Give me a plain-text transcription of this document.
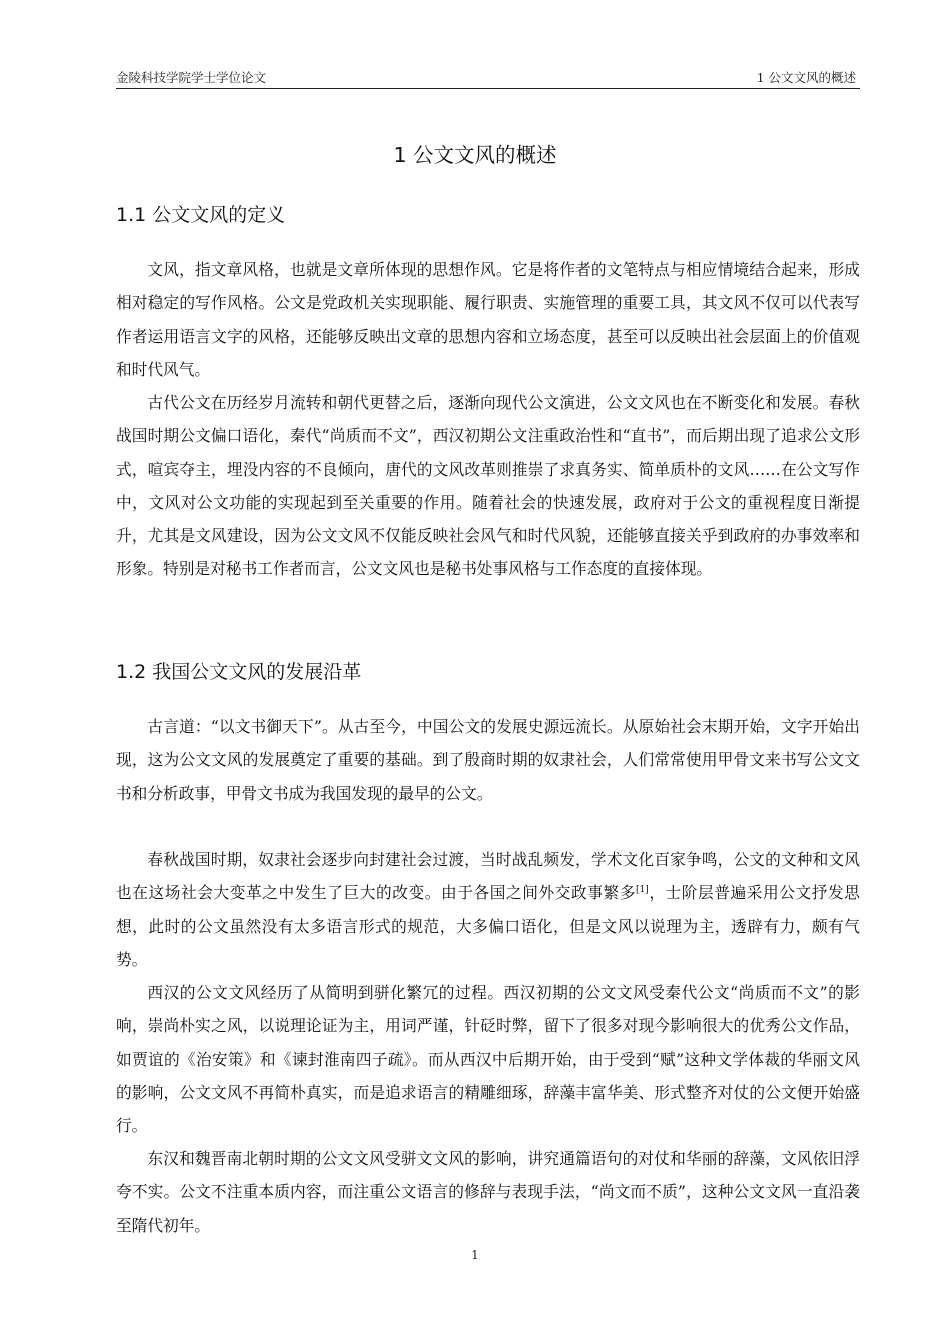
金陵科技学院学士学位论文	1 公文文风的概述
1 公文文风的概述
1.1 公文文风的定义

文风，指文章风格，也就是文章所体现的思想作风。它是将作者的文笔特点与相应情境结合起来，形成相对稳定的写作风格。公文是党政机关实现职能、履行职责、实施管理的重要工具，其文风不仅可以代表写作者运用语言文字的风格，还能够反映出文章的思想内容和立场态度，甚至可以反映出社会层面上的价值观和时代风气。

古代公文在历经岁月流转和朝代更替之后，逐渐向现代公文演进，公文文风也在不断变化和发展。春秋战国时期公文偏口语化，秦代“尚质而不文”，西汉初期公文注重政治性和“直书”，而后期出现了追求公文形式，喧宾夺主，埋没内容的不良倾向，唐代的文风改革则推崇了求真务实、简单质朴的文风……在公文写作中，文风对公文功能的实现起到至关重要的作用。随着社会的快速发展，政府对于公文的重视程度日渐提升，尤其是文风建设，因为公文文风不仅能反映社会风气和时代风貌，还能够直接关乎到政府的办事效率和形象。特别是对秘书工作者而言，公文文风也是秘书处事风格与工作态度的直接体现。

1.2 我国公文文风的发展沿革

古言道：“以文书御天下”。从古至今，中国公文的发展史源远流长。从原始社会末期开始，文字开始出现，这为公文文风的发展奠定了重要的基础。到了殷商时期的奴隶社会，人们常常使用甲骨文来书写公文文书和分析政事，甲骨文书成为我国发现的最早的公文。

春秋战国时期，奴隶社会逐步向封建社会过渡，当时战乱频发，学术文化百家争鸣，公文的文种和文风也在这场社会大变革之中发生了巨大的改变。由于各国之间外交政事繁多[1]，士阶层普遍采用公文抒发思想，此时的公文虽然没有太多语言形式的规范，大多偏口语化，但是文风以说理为主，透辟有力，颇有气势。

西汉的公文文风经历了从简明到骈化繁冗的过程。西汉初期的公文文风受秦代公文“尚质而不文”的影响，崇尚朴实之风，以说理论证为主，用词严谨，针砭时弊，留下了很多对现今影响很大的优秀公文作品，如贾谊的《治安策》和《谏封淮南四子疏》。而从西汉中后期开始，由于受到“赋”这种文学体裁的华丽文风的影响，公文文风不再简朴真实，而是追求语言的精雕细琢，辞藻丰富华美、形式整齐对仗的公文便开始盛行。

东汉和魏晋南北朝时期的公文文风受骈文文风的影响，讲究通篇语句的对仗和华丽的辞藻，文风依旧浮夸不实。公文不注重本质内容，而注重公文语言的修辞与表现手法，“尚文而不质”，这种公文文风一直沿袭至隋代初年。

1
